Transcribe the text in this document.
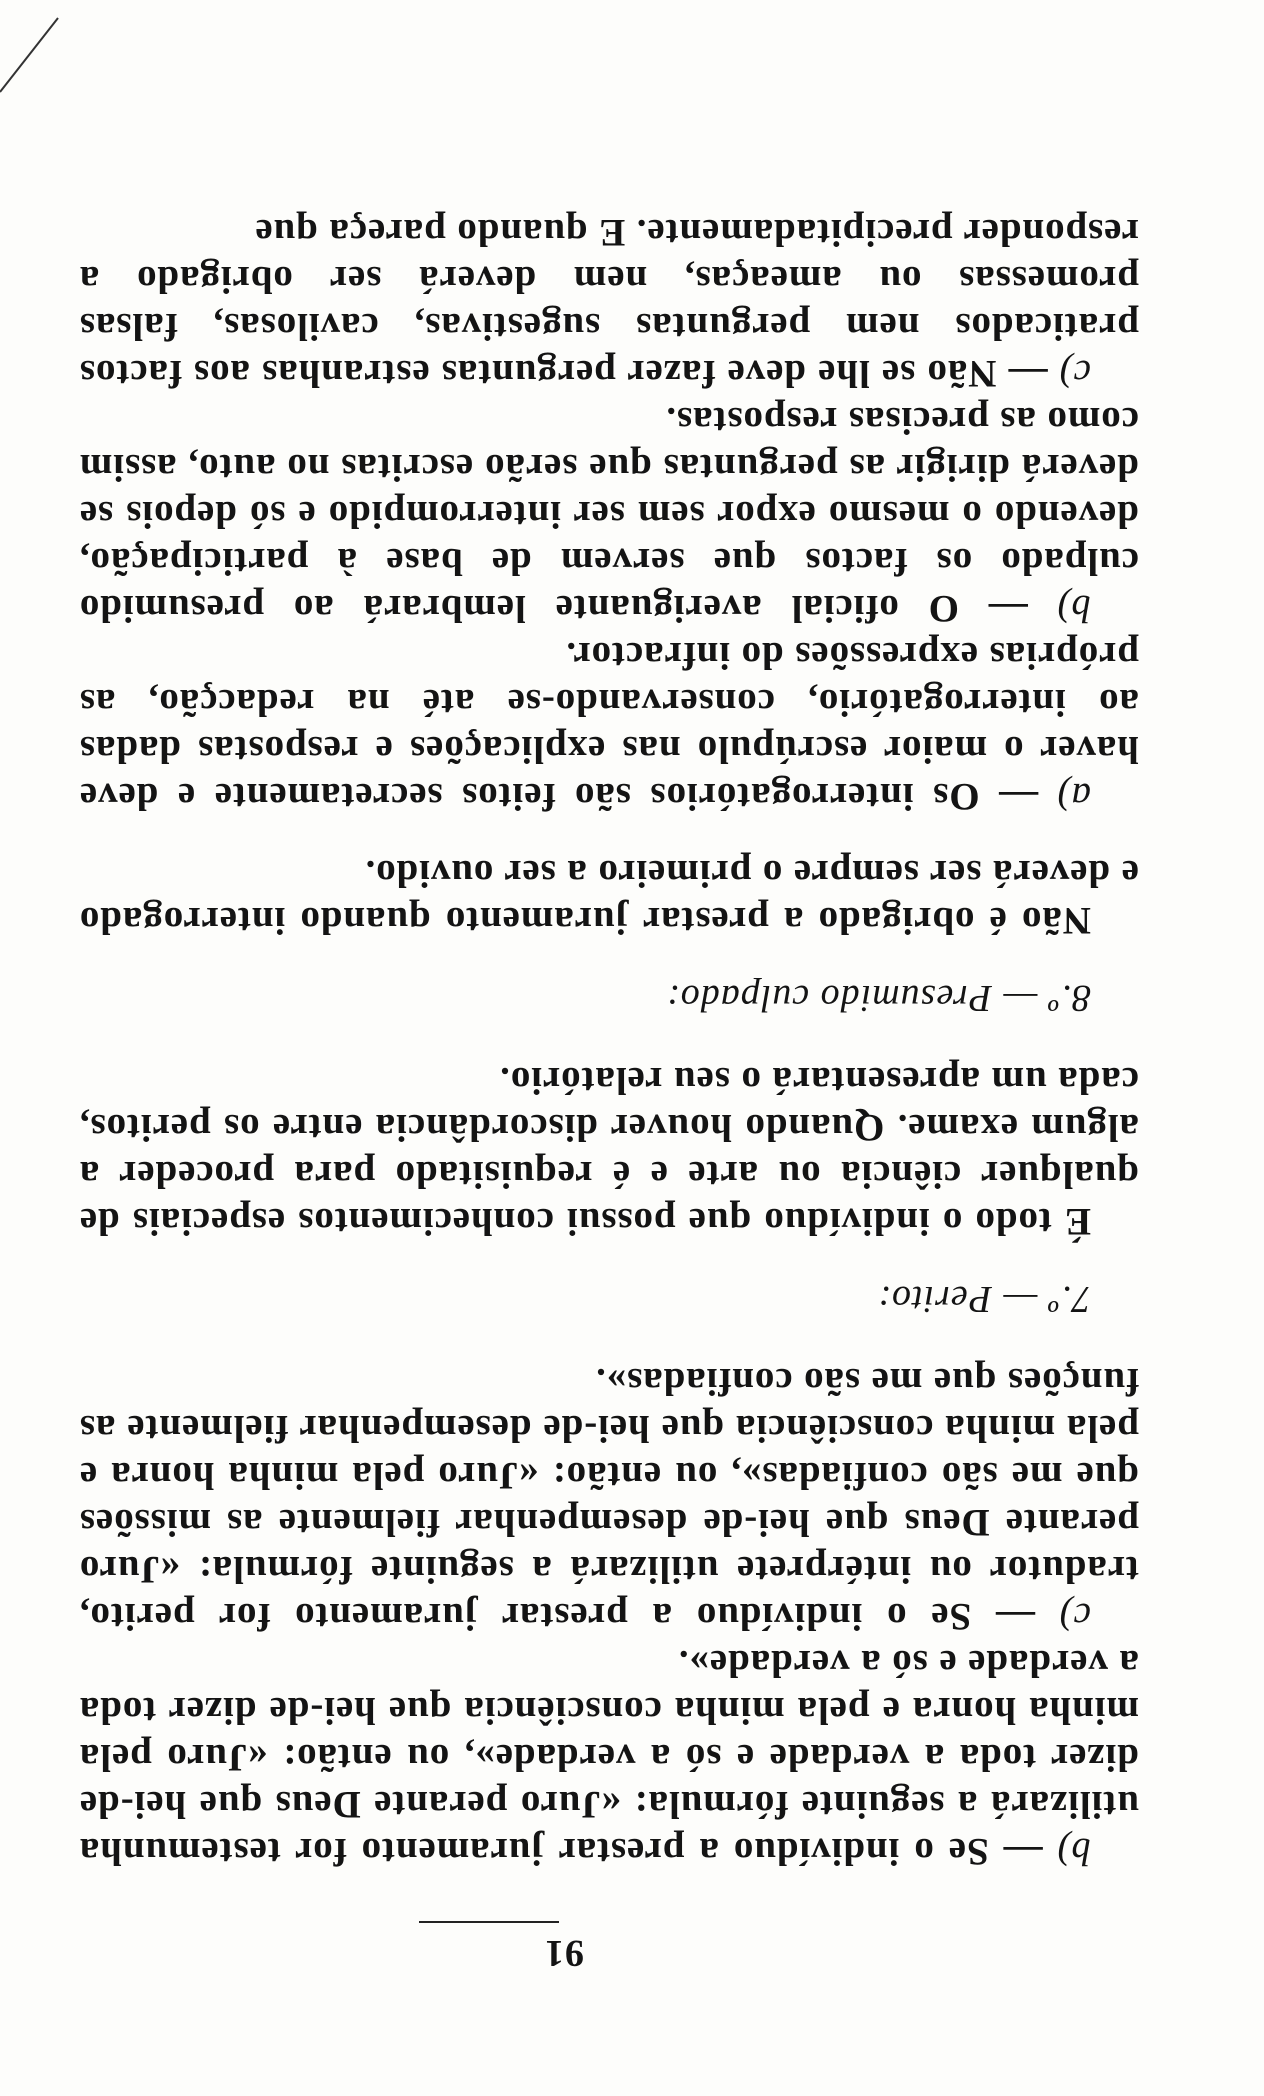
91

b) — Se o indivíduo a prestar juramento for testemunha utilizará a seguinte fórmula: «Juro perante Deus que hei-de dizer toda a verdade e só a verdade», ou então: «Juro pela minha honra e pela minha consciência que hei-de dizer toda a verdade e só a verdade».

c) — Se o indivíduo a prestar juramento for perito, tradutor ou intérprete utilizará a seguinte fórmula: «Juro perante Deus que hei-de desempenhar fielmente as missões que me são confiadas», ou então: «Juro pela minha honra e pela minha consciência que hei-de desempenhar fielmente as funções que me são confiadas».

7.º — Perito:

É todo o indivíduo que possui conhecimentos especiais de qualquer ciência ou arte e é requisitado para proceder a algum exame. Quando houver discordância entre os peritos, cada um apresentará o seu relatório.

8.º — Presumido culpado:

Não é obrigado a prestar juramento quando interrogado e deverá ser sempre o primeiro a ser ouvido.

a) — Os interrogatórios são feitos secretamente e deve haver o maior escrúpulo nas explicações e respostas dadas ao interrogatório, conservando-se até na redacção, as próprias expressões do infractor.

b) — O oficial averiguante lembrará ao presumido culpado os factos que servem de base à participação, devendo o mesmo expor sem ser interrompido e só depois se deverá dirigir as perguntas que serão escritas no auto, assim como as precisas respostas.

c) — Não se lhe deve fazer perguntas estranhas aos factos praticados nem perguntas sugestivas, cavilosas, falsas promessas ou ameaças, nem deverá ser obrigado a responder precipitadamente. E quando pareça que
